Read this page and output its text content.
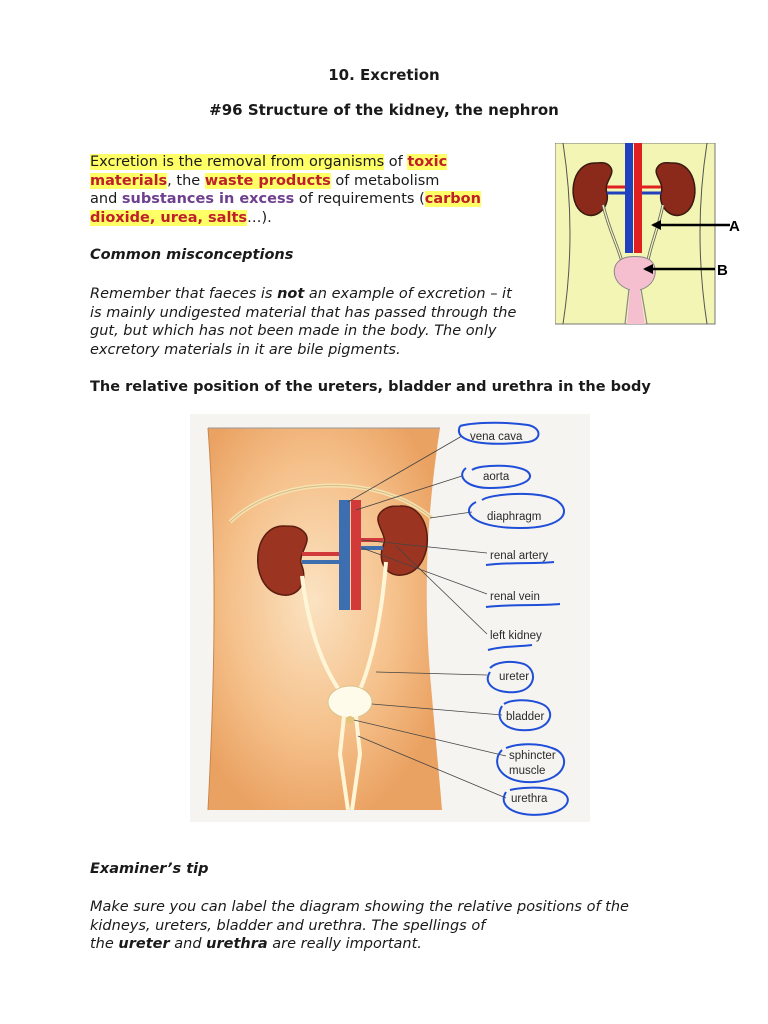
10. Excretion
#96 Structure of the kidney, the nephron
Excretion is the removal from organisms of toxic
materials, the waste products of metabolism
and substances in excess of requirements (carbon
dioxide, urea, salts…).
Common misconceptions
Remember that faeces is not an example of excretion – it
is mainly undigested material that has passed through the
gut, but which has not been made in the body. The only
excretory materials in it are bile pigments.
A
B
The relative position of the ureters, bladder and urethra in the body
vena cava
aorta
diaphragm
renal artery
renal vein
left kidney
ureter
bladder
sphincter
muscle
urethra
Examiner’s tip
Make sure you can label the diagram showing the relative positions of the
kidneys, ureters, bladder and urethra. The spellings of
the ureter and urethra are really important.
